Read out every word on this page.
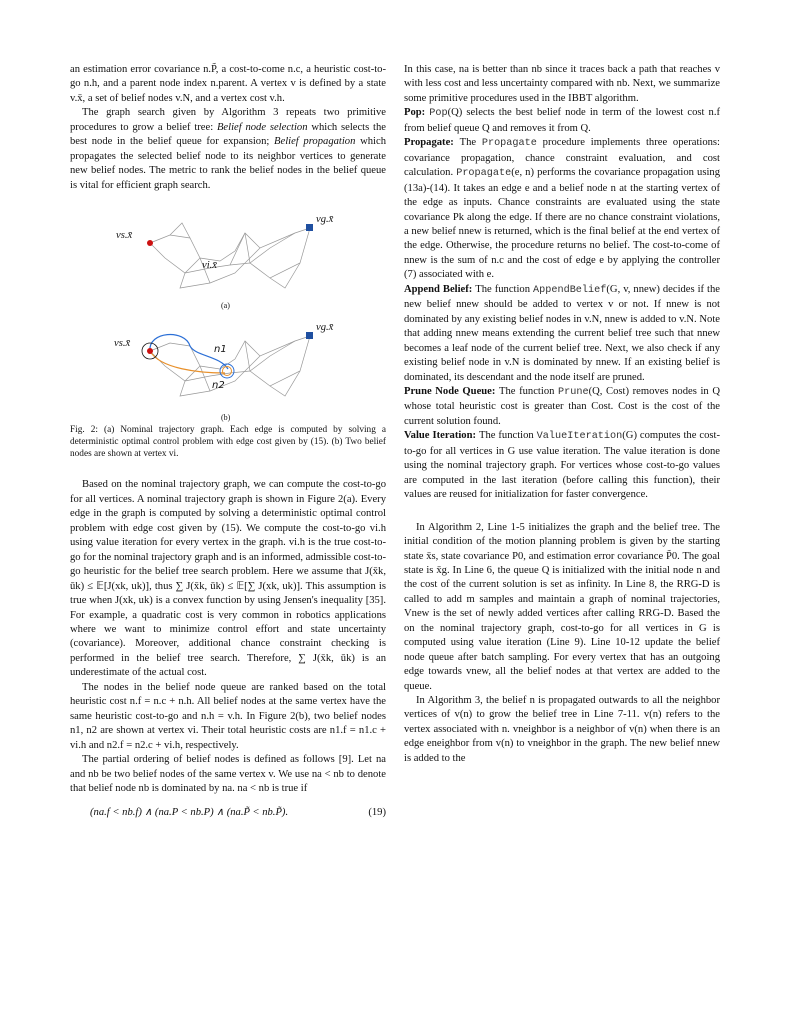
an estimation error covariance n.P̃, a cost-to-come n.c, a heuristic cost-to-go n.h, and a parent node index n.parent. A vertex v is defined by a state v.x̄, a set of belief nodes v.N, and a vertex cost v.h.

The graph search given by Algorithm 3 repeats two primitive procedures to grow a belief tree: Belief node selection which selects the best node in the belief queue for expansion; Belief propagation which propagates the selected belief node to its neighbor vertices to generate new belief nodes. The metric to rank the belief nodes in the belief queue is vital for efficient graph search.

vs.x̄
vg.x̄
vi.x̄
(a)
vs.x̄
vg.x̄
n1
n2
(b)

Fig. 2: (a) Nominal trajectory graph. Each edge is computed by solving a deterministic optimal control problem with edge cost given by (15). (b) Two belief nodes are shown at vertex vi.

Based on the nominal trajectory graph, we can compute the cost-to-go for all vertices. A nominal trajectory graph is shown in Figure 2(a). Every edge in the graph is computed by solving a deterministic optimal control problem with edge cost given by (15). We compute the cost-to-go vi.h using value iteration for every vertex in the graph. vi.h is the true cost-to-go for the nominal trajectory graph and is an informed, admissible cost-to-go heuristic for the belief tree search problem. Here we assume that J(x̄k, ūk) ≤ 𝔼[J(xk, uk)], thus ∑ J(x̄k, ūk) ≤ 𝔼[∑ J(xk, uk)]. This assumption is true when J(xk, uk) is a convex function by using Jensen's inequality [35]. For example, a quadratic cost is very common in robotics applications where we want to minimize control effort and state uncertainty (covariance). Moreover, additional chance constraint checking is performed in the belief tree search. Therefore, ∑ J(x̄k, ūk) is an underestimate of the actual cost.

The nodes in the belief node queue are ranked based on the total heuristic cost n.f = n.c + n.h. All belief nodes at the same vertex have the same heuristic cost-to-go and n.h = v.h. In Figure 2(b), two belief nodes n1, n2 are shown at vertex vi. Their total heuristic costs are n1.f = n1.c + vi.h and n2.f = n2.c + vi.h, respectively.

The partial ordering of belief nodes is defined as follows [9]. Let na and nb be two belief nodes of the same vertex v. We use na < nb to denote that belief node nb is dominated by na. na < nb is true if

(na.f < nb.f) ∧ (na.P < nb.P) ∧ (na.P̃ < nb.P̃).	(19)

In this case, na is better than nb since it traces back a path that reaches v with less cost and less uncertainty compared with nb. Next, we summarize some primitive procedures used in the IBBT algorithm.

Pop: Pop(Q) selects the best belief node in term of the lowest cost n.f from belief queue Q and removes it from Q.

Propagate: The Propagate procedure implements three operations: covariance propagation, chance constraint evaluation, and cost calculation. Propagate(e, n) performs the covariance propagation using (13a)-(14). It takes an edge e and a belief node n at the starting vertex of the edge as inputs. Chance constraints are evaluated using the state covariance Pk along the edge. If there are no chance constraint violations, a new belief nnew is returned, which is the final belief at the end vertex of the edge. Otherwise, the procedure returns no belief. The cost-to-come of nnew is the sum of n.c and the cost of edge e by applying the controller (7) associated with e.

Append Belief: The function AppendBelief(G, v, nnew) decides if the new belief nnew should be added to vertex v or not. If nnew is not dominated by any existing belief nodes in v.N, nnew is added to v.N. Note that adding nnew means extending the current belief tree such that nnew becomes a leaf node of the current belief tree. Next, we also check if any existing belief node in v.N is dominated by nnew. If an existing belief is dominated, its descendant and the node itself are pruned.

Prune Node Queue: The function Prune(Q, Cost) removes nodes in Q whose total heuristic cost is greater than Cost. Cost is the cost of the current solution found.

Value Iteration: The function ValueIteration(G) computes the cost-to-go for all vertices in G use value iteration. The value iteration is done using the nominal trajectory graph. For vertices whose cost-to-go values are computed in the last iteration (before calling this function), their values are reused for initialization for faster convergence.

In Algorithm 2, Line 1-5 initializes the graph and the belief tree. The initial condition of the motion planning problem is given by the starting state x̄s, state covariance P0, and estimation error covariance P̃0. The goal state is x̄g. In Line 6, the queue Q is initialized with the initial node n and the cost of the current solution is set as infinity. In Line 8, the RRG-D is called to add m samples and maintain a graph of nominal trajectories, Vnew is the set of newly added vertices after calling RRG-D. Based the on the nominal trajectory graph, cost-to-go for all vertices in G is computed using value iteration (Line 9). Line 10-12 update the belief node queue after batch sampling. For every vertex that has an outgoing edge towards vnew, all the belief nodes at that vertex are added to the queue.

In Algorithm 3, the belief n is propagated outwards to all the neighbor vertices of v(n) to grow the belief tree in Line 7-11. v(n) refers to the vertex associated with n. vneighbor is a neighbor of v(n) when there is an edge eneighbor from v(n) to vneighbor in the graph. The new belief nnew is added to the
